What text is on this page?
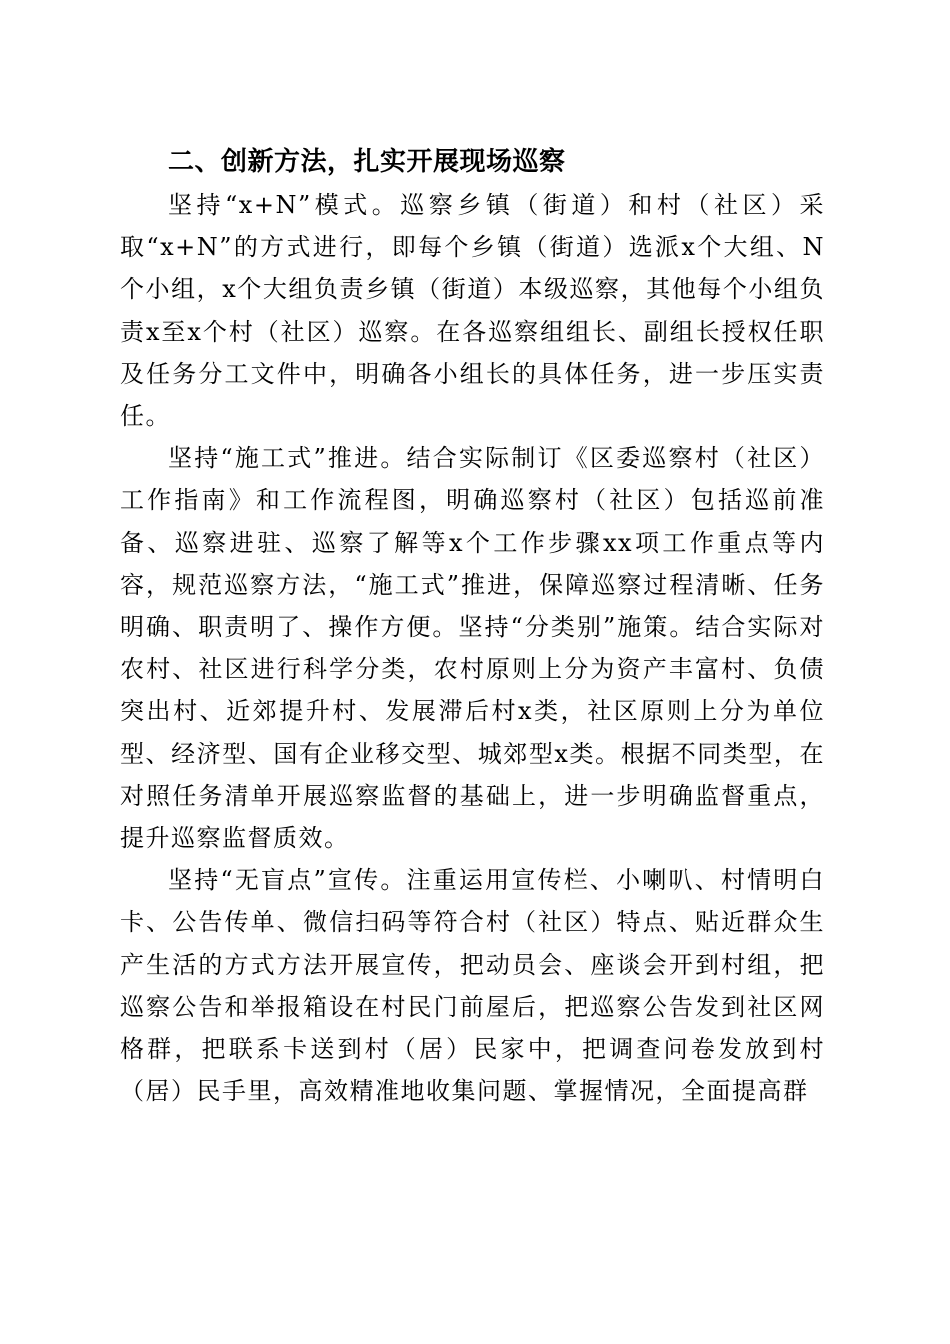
二、创新方法，扎实开展现场巡察

坚持“x+N”模式。巡察乡镇（街道）和村（社区）采取“x+N”的方式进行，即每个乡镇（街道）选派x个大组、N个小组，x个大组负责乡镇（街道）本级巡察，其他每个小组负责x至x个村（社区）巡察。在各巡察组组长、副组长授权任职及任务分工文件中，明确各小组长的具体任务，进一步压实责任。

坚持“施工式”推进。结合实际制订《区委巡察村（社区）工作指南》和工作流程图，明确巡察村（社区）包括巡前准备、巡察进驻、巡察了解等x个工作步骤xx项工作重点等内容，规范巡察方法，“施工式”推进，保障巡察过程清晰、任务明确、职责明了、操作方便。坚持“分类别”施策。结合实际对农村、社区进行科学分类，农村原则上分为资产丰富村、负债突出村、近郊提升村、发展滞后村x类，社区原则上分为单位型、经济型、国有企业移交型、城郊型x类。根据不同类型，在对照任务清单开展巡察监督的基础上，进一步明确监督重点，提升巡察监督质效。

坚持“无盲点”宣传。注重运用宣传栏、小喇叭、村情明白卡、公告传单、微信扫码等符合村（社区）特点、贴近群众生产生活的方式方法开展宣传，把动员会、座谈会开到村组，把巡察公告和举报箱设在村民门前屋后，把巡察公告发到社区网格群，把联系卡送到村（居）民家中，把调查问卷发放到村（居）民手里，高效精准地收集问题、掌握情况，全面提高群
